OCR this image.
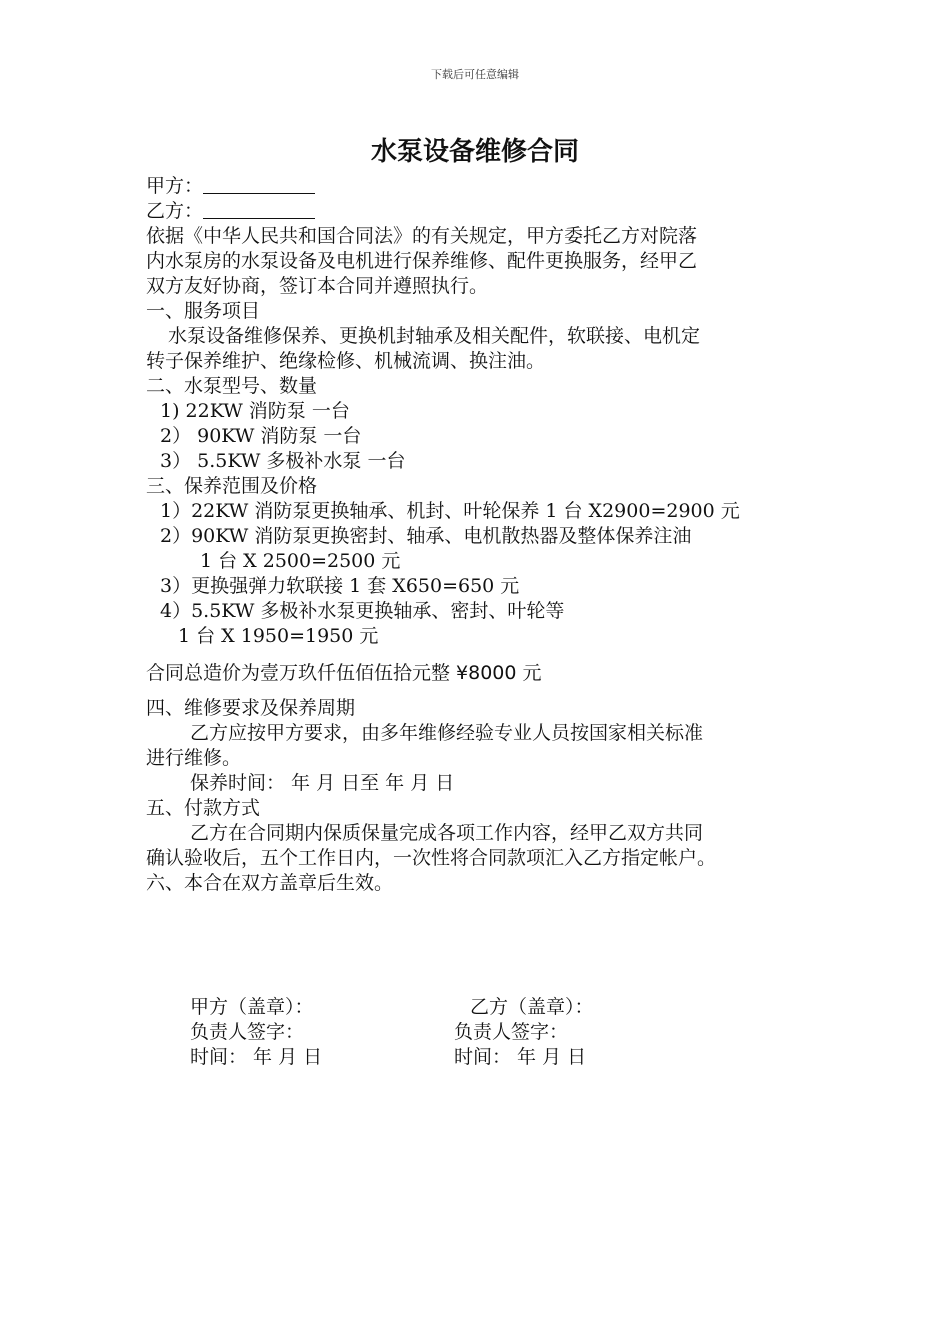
下载后可任意编辑
水泵设备维修合同
甲方：
乙方：
依据《中华人民共和国合同法》的有关规定，甲方委托乙方对院落
内水泵房的水泵设备及电机进行保养维修、配件更换服务，经甲乙
双方友好协商，签订本合同并遵照执行。
一、服务项目
水泵设备维修保养、更换机封轴承及相关配件，软联接、电机定
转子保养维护、绝缘检修、机械流调、换注油。
二、水泵型号、数量
1) 22KW 消防泵 一台
2） 90KW 消防泵 一台
3） 5.5KW 多极补水泵 一台
三、保养范围及价格
1）22KW 消防泵更换轴承、机封、叶轮保养 1 台 X2900=2900 元
2）90KW 消防泵更换密封、轴承、电机散热器及整体保养注油
1 台 X 2500=2500 元
3）更换强弹力软联接 1 套 X650=650 元
4）5.5KW 多极补水泵更换轴承、密封、叶轮等
1 台 X 1950=1950 元
合同总造价为壹万玖仟伍佰伍拾元整 ¥8000 元
四、维修要求及保养周期
乙方应按甲方要求，由多年维修经验专业人员按国家相关标准
进行维修。
保养时间： 年 月 日至 年 月 日
五、付款方式
乙方在合同期内保质保量完成各项工作内容，经甲乙双方共同
确认验收后，五个工作日内，一次性将合同款项汇入乙方指定帐户。
六、本合在双方盖章后生效。
甲方（盖章）：	乙方（盖章）：
负责人签字：	负责人签字：
时间： 年 月 日	时间： 年 月 日
